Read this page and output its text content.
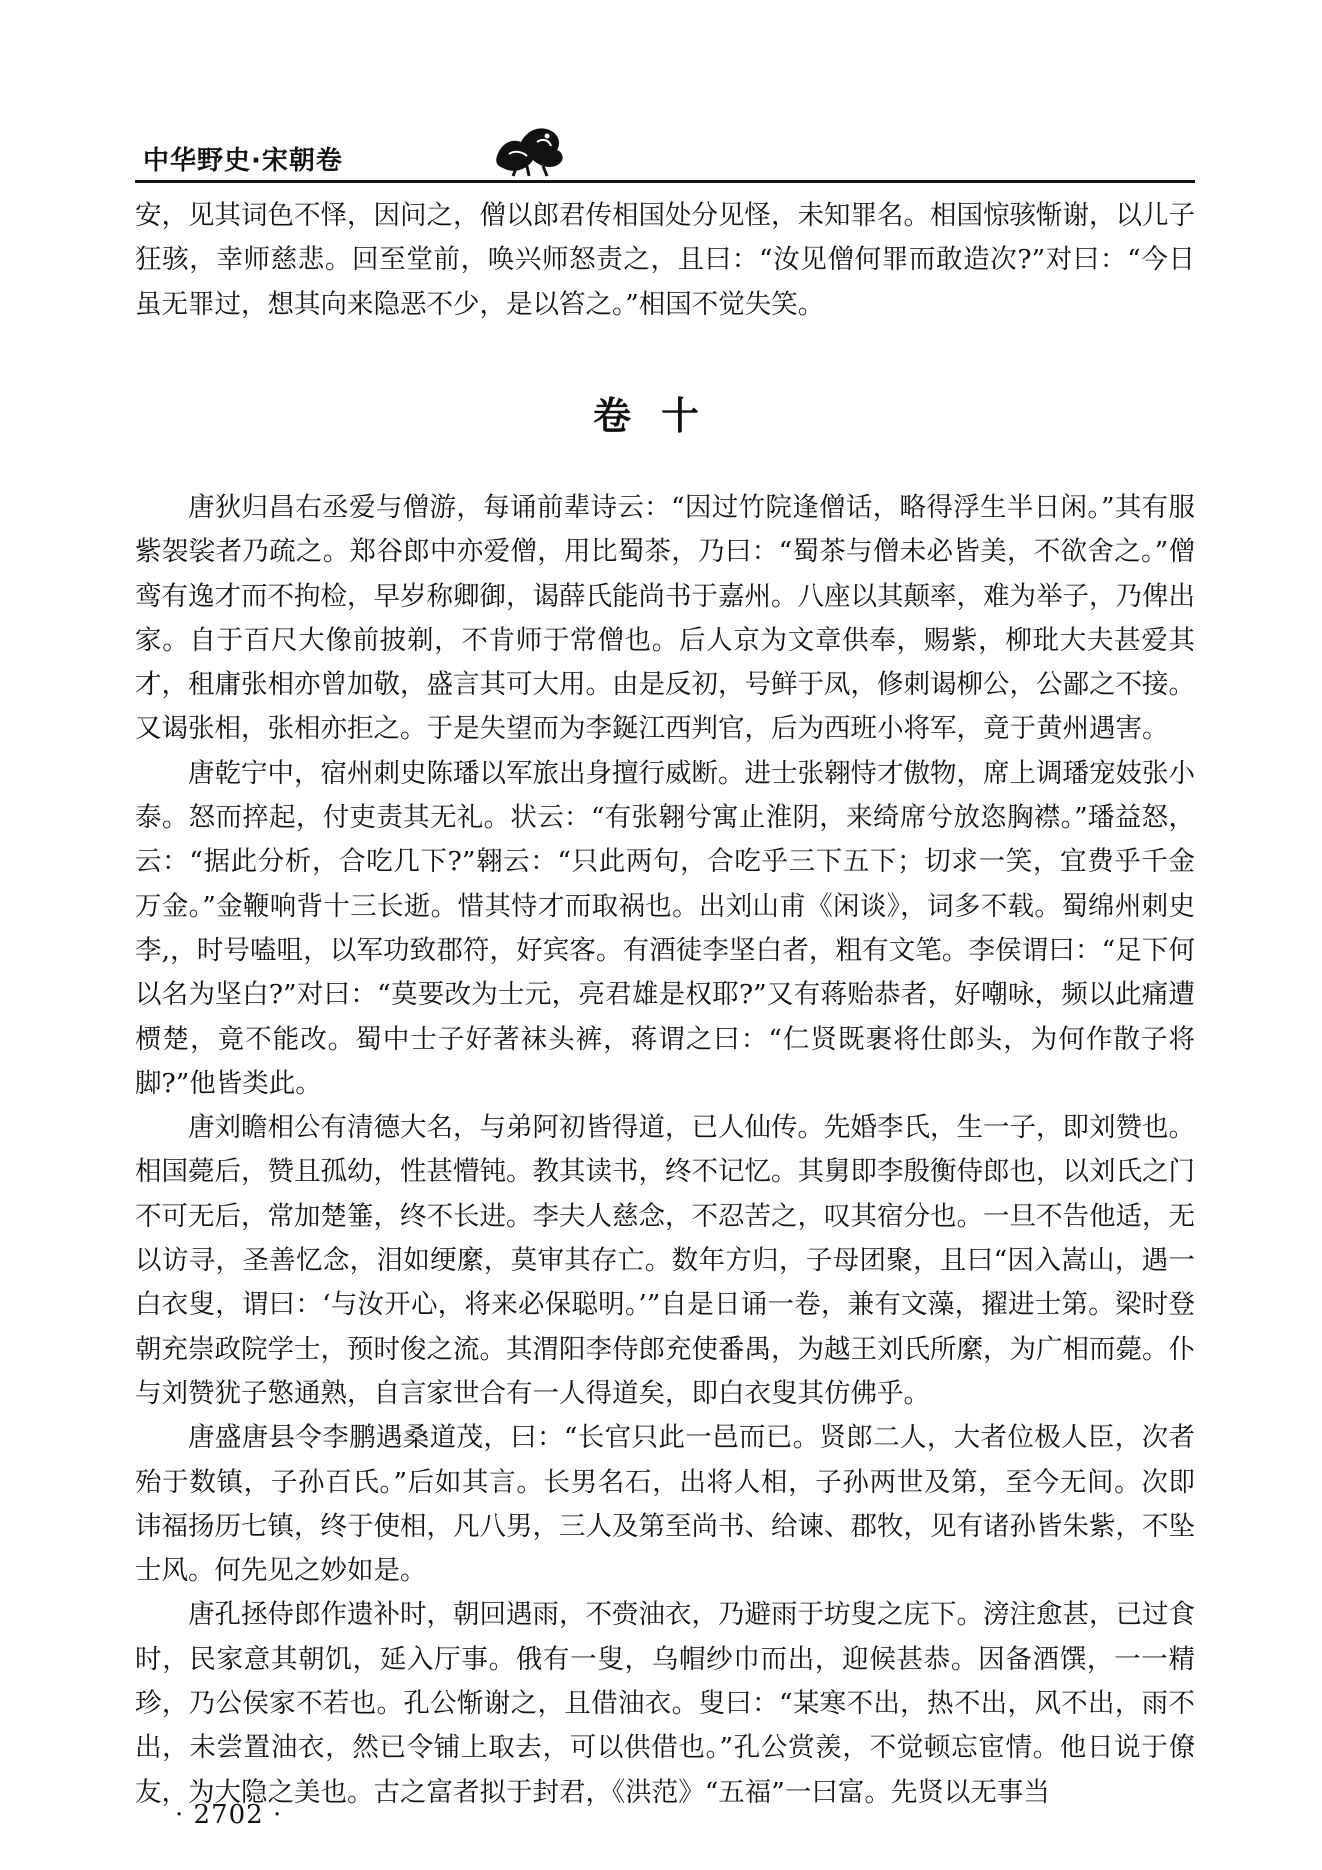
中华野史·宋朝卷

安，见其词色不怿，因问之，僧以郎君传相国处分见怪，未知罪名。相国惊骇惭谢，以儿子狂骇，幸师慈悲。回至堂前，唤兴师怒责之，且曰：“汝见僧何罪而敢造次?”对曰：“今日虽无罪过，想其向来隐恶不少，是以笞之。”相国不觉失笑。

卷十

唐狄归昌右丞爱与僧游，每诵前辈诗云：“因过竹院逢僧话，略得浮生半日闲。”其有服紫袈裟者乃疏之。郑谷郎中亦爱僧，用比蜀茶，乃曰：“蜀茶与僧未必皆美，不欲舍之。”僧鸾有逸才而不拘检，早岁称卿御，谒薛氏能尚书于嘉州。八座以其颠率，难为举子，乃俾出家。自于百尺大像前披剃，不肯师于常僧也。后人京为文章供奉，赐紫，柳玭大夫甚爱其才，租庸张相亦曾加敬，盛言其可大用。由是反初，号鲜于凤，修刺谒柳公，公鄙之不接。又谒张相，张相亦拒之。于是失望而为李鋋江西判官，后为西班小将军，竟于黄州遇害。

唐乾宁中，宿州刺史陈璠以军旅出身擅行威断。进士张翱恃才傲物，席上调璠宠妓张小泰。怒而捽起，付吏责其无礼。状云：“有张翱兮寓止淮阴，来绮席兮放恣胸襟。”璠益怒，云：“据此分析，合吃几下?”翱云：“只此两句，合吃乎三下五下；切求一笑，宜费乎千金万金。”金鞭响背十三长逝。惜其恃才而取祸也。出刘山甫《闲谈》，词多不载。蜀绵州刺史李,，时号嗑咀，以军功致郡符，好宾客。有酒徒李坚白者，粗有文笔。李侯谓曰：“足下何以名为坚白?”对曰：“莫要改为士元，亮君雄是权耶?”又有蒋贻恭者，好嘲咏，频以此痛遭槚楚，竟不能改。蜀中士子好著袜头裤，蒋谓之曰：“仁贤既裹将仕郎头，为何作散子将脚?”他皆类此。

唐刘瞻相公有清德大名，与弟阿初皆得道，已人仙传。先婚李氏，生一子，即刘赞也。相国薨后，赞且孤幼，性甚懵钝。教其读书，终不记忆。其舅即李殷衡侍郎也，以刘氏之门不可无后，常加楚箠，终不长进。李夫人慈念，不忍苦之，叹其宿分也。一旦不告他适，无以访寻，圣善忆念，泪如绠縻，莫审其存亡。数年方归，子母团聚，且曰“因入嵩山，遇一白衣叟，谓曰：‘与汝开心，将来必保聪明。’”自是日诵一卷，兼有文藻，擢进士第。梁时登朝充崇政院学士，预时俊之流。其渭阳李侍郎充使番禺，为越王刘氏所縻，为广相而薨。仆与刘赞犹子憼通熟，自言家世合有一人得道矣，即白衣叟其仿佛乎。

唐盛唐县令李鹏遇桑道茂，曰：“长官只此一邑而已。贤郎二人，大者位极人臣，次者殆于数镇，子孙百氏。”后如其言。长男名石，出将人相，子孙两世及第，至今无间。次即讳福扬历七镇，终于使相，凡八男，三人及第至尚书、给谏、郡牧，见有诸孙皆朱紫，不坠士风。何先见之妙如是。

唐孔拯侍郎作遗补时，朝回遇雨，不赍油衣，乃避雨于坊叟之庑下。滂注愈甚，已过食时，民家意其朝饥，延入厅事。俄有一叟，乌帽纱巾而出，迎候甚恭。因备酒馔，一一精珍，乃公侯家不若也。孔公惭谢之，且借油衣。叟曰：“某寒不出，热不出，风不出，雨不出，未尝置油衣，然已令铺上取去，可以供借也。”孔公赏羡，不觉顿忘宦情。他日说于僚友，为大隐之美也。古之富者拟于封君，《洪范》“五福”一曰富。先贤以无事当

· 2702 ·
